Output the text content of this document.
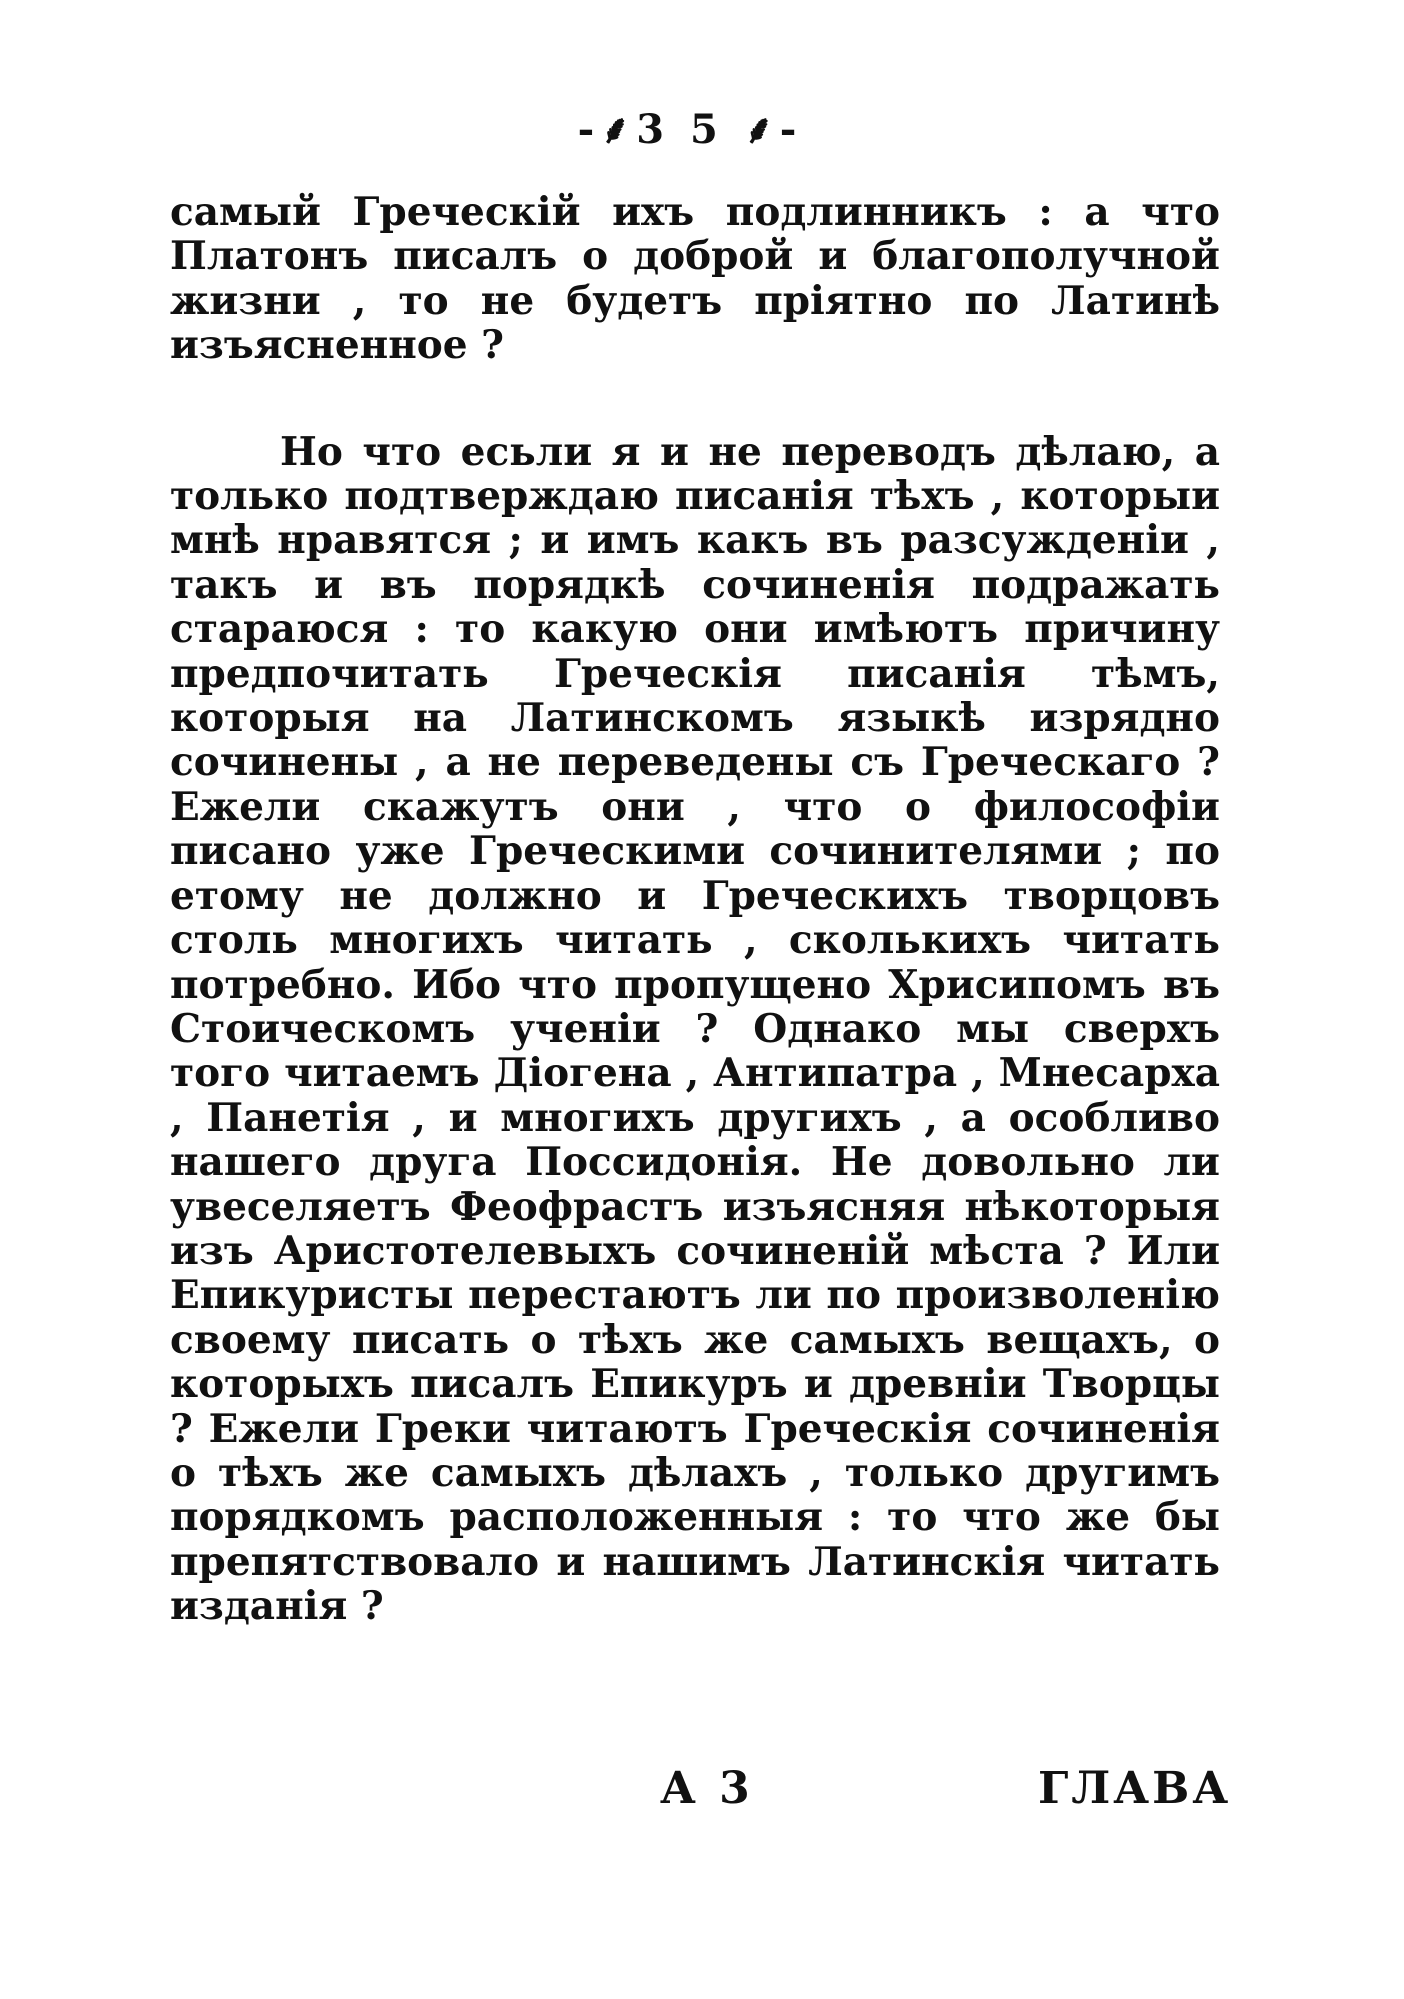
-⸙3 5 ⸙-

самый Греческій ихъ подлинникъ : а что Платонъ писалъ о доброй и благополучной жизни , то не будетъ пріятно по Латинѣ изъясненное ?

Но что есьли я и не переводъ дѣлаю, а только подтверждаю писанія тѣхъ , которыи мнѣ нравятся ; и имъ какъ въ разсужденіи , такъ и въ порядкѣ сочиненія подражать стараюся : то какую они имѣютъ причину предпочитать Греческія писанія тѣмъ, которыя на Латинскомъ языкѣ изрядно сочинены , а не переведены съ Греческаго ? Ежели скажутъ они , что о философіи писано уже Греческими сочинителями ; по етому не должно и Греческихъ творцовъ столь многихъ читать , сколькихъ читать потребно. Ибо что пропущено Хрисипомъ въ Стоическомъ ученіи ? Однако мы сверхъ того читаемъ Діогена , Антипатра , Мнесарха , Панетія , и многихъ другихъ , а особливо нашего друга Поссидонія. Не довольно ли увеселяетъ Феофрастъ изъясняя нѣкоторыя изъ Аристотелевыхъ сочиненій мѣста ? Или Епикуристы перестаютъ ли по произволенію своему писать о тѣхъ же самыхъ вещахъ, о которыхъ писалъ Епикуръ и древніи Творцы ? Ежели Греки читаютъ Греческія сочиненія о тѣхъ же самыхъ дѣлахъ , только другимъ порядкомъ расположенныя : то что же бы препятствовало и нашимъ Латинскія читать изданія ?

А 3	ГЛАВА
